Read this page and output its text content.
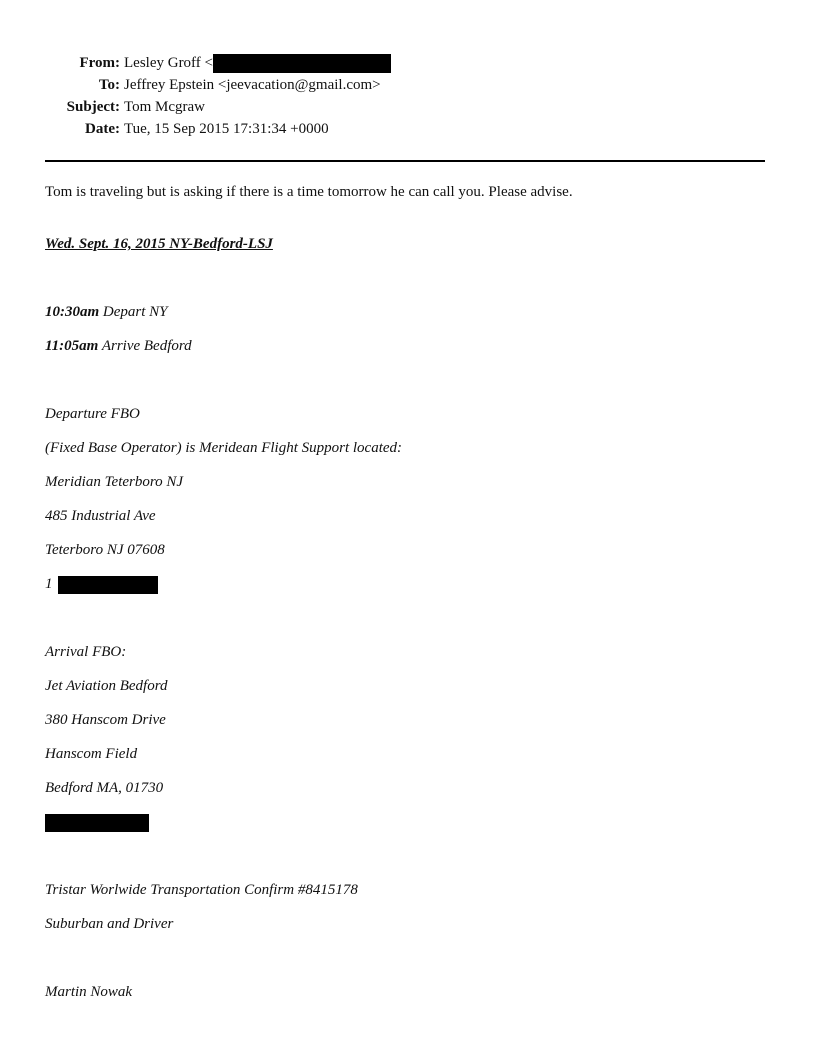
From: Lesley Groff <
To: Jeffrey Epstein <jeevacation@gmail.com>
Subject: Tom Mcgraw
Date: Tue, 15 Sep 2015 17:31:34 +0000
Tom is traveling but is asking if there is a time tomorrow he can call you. Please advise.
Wed. Sept. 16, 2015 NY-Bedford-LSJ
10:30am Depart NY
11:05am Arrive Bedford
Departure FBO
(Fixed Base Operator) is Meridean Flight Support located:
Meridian Teterboro NJ
485 Industrial Ave
Teterboro NJ 07608
1
Arrival FBO:
Jet Aviation Bedford
380 Hanscom Drive
Hanscom Field
Bedford MA, 01730
Tristar Worlwide Transportation Confirm #8415178
Suburban and Driver
Martin Nowak
